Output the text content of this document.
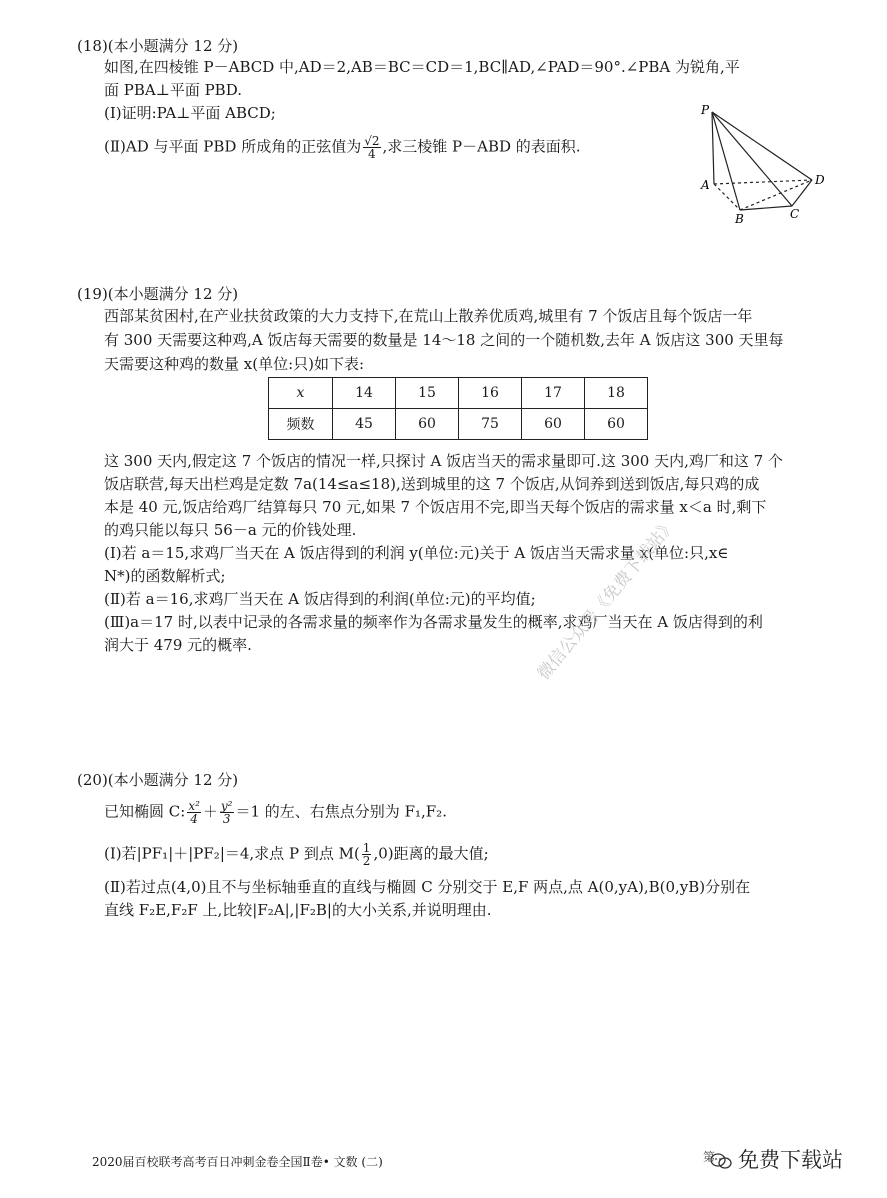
(18)(本小题满分 12 分)
如图,在四棱锥 P－ABCD 中,AD＝2,AB＝BC＝CD＝1,BC∥AD,∠PAD＝90°.∠PBA 为锐角,平
面 PBA⊥平面 PBD.
(Ⅰ)证明:PA⊥平面 ABCD;
(Ⅱ)AD 与平面 PBD 所成角的正弦值为 $\frac{√2}{4}$ ,求三棱锥 P－ABD 的表面积.
P
A
B	C
D
(19)(本小题满分 12 分)
西部某贫困村,在产业扶贫政策的大力支持下,在荒山上散养优质鸡,城里有 7 个饭店且每个饭店一年
有 300 天需要这种鸡,A 饭店每天需要的数量是 14～18 之间的一个随机数,去年 A 饭店这 300 天里每
天需要这种鸡的数量 x(单位:只)如下表:
x	14	15	16	17	18
频数	45	60	75	60	60
这 300 天内,假定这 7 个饭店的情况一样,只探讨 A 饭店当天的需求量即可.这 300 天内,鸡厂和这 7 个
饭店联营,每天出栏鸡是定数 7a(14≤a≤18),送到城里的这 7 个饭店,从饲养到送到饭店,每只鸡的成
本是 40 元,饭店给鸡厂结算每只 70 元,如果 7 个饭店用不完,即当天每个饭店的需求量 x＜a 时,剩下
的鸡只能以每只 56－a 元的价钱处理.
(Ⅰ)若 a＝15,求鸡厂当天在 A 饭店得到的利润 y(单位:元)关于 A 饭店当天需求量 x(单位:只,x∈
N*)的函数解析式;
(Ⅱ)若 a＝16,求鸡厂当天在 A 饭店得到的利润(单位:元)的平均值;
(Ⅲ)a＝17 时,以表中记录的各需求量的频率作为各需求量发生的概率,求鸡厂当天在 A 饭店得到的利
润大于 479 元的概率.	微信公众号《免费下载站》
(20)(本小题满分 12 分)
已知椭圆 C: $\frac{\text{x²}}{4} + \frac{\text{y²}}{3} =1$ 的左、右焦点分别为 F₁,F₂.
(Ⅰ)若|PF₁|＋|PF₂|＝4,求点 P 到点 $M( \frac{1}{2} ,0)$距离的最大值;
(Ⅱ)若过点(4,0)且不与坐标轴垂直的直线与椭圆 C 分别交于 E,F 两点,点 A(0,yA),B(0,yB)分别在
直线 F₂E,F₂F 上,比较|F₂A|,|F₂B|的大小关系,并说明理由.
2020届百校联考高考百日冲刺金卷全国Ⅱ卷• 文数 (二)	第	免费下载站
